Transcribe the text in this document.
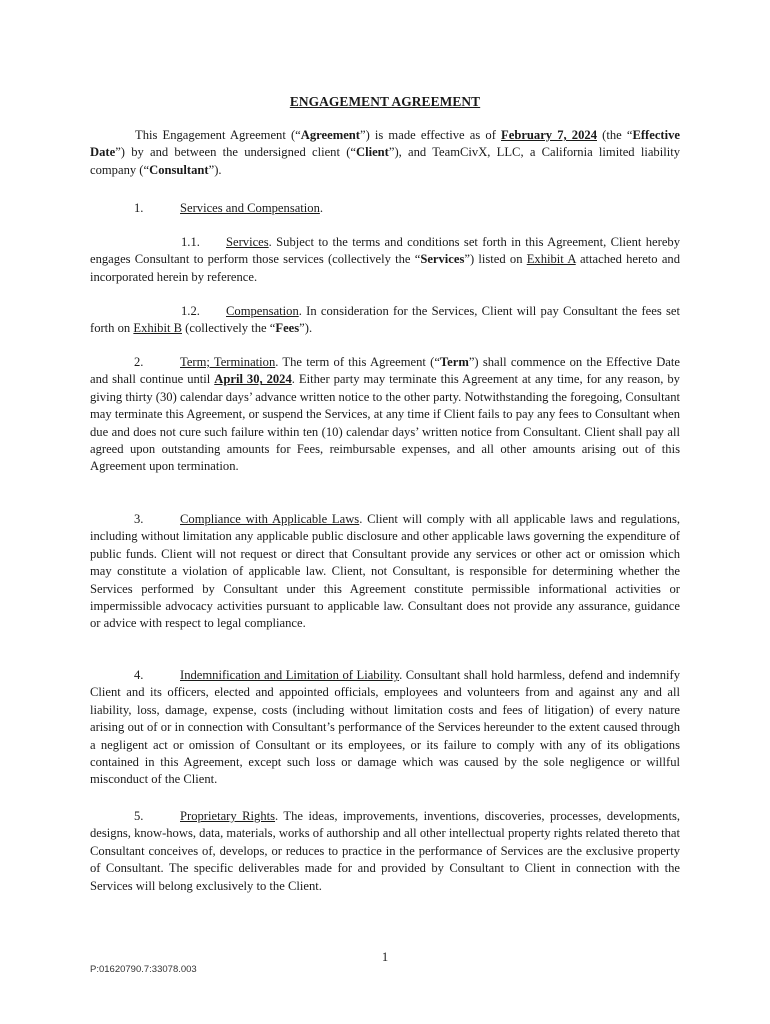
ENGAGEMENT AGREEMENT

This Engagement Agreement (“Agreement”) is made effective as of February 7, 2024 (the “Effective Date”) by and between the undersigned client (“Client”), and TeamCivX, LLC, a California limited liability company (“Consultant”).

1.	Services and Compensation.

1.1. Services. Subject to the terms and conditions set forth in this Agreement, Client hereby engages Consultant to perform those services (collectively the “Services”) listed on Exhibit A attached hereto and incorporated herein by reference.

1.2. Compensation. In consideration for the Services, Client will pay Consultant the fees set forth on Exhibit B (collectively the “Fees”).

2.	Term; Termination. The term of this Agreement (“Term”) shall commence on the Effective Date and shall continue until April 30, 2024. Either party may terminate this Agreement at any time, for any reason, by giving thirty (30) calendar days’ advance written notice to the other party. Notwithstanding the foregoing, Consultant may terminate this Agreement, or suspend the Services, at any time if Client fails to pay any fees to Consultant when due and does not cure such failure within ten (10) calendar days’ written notice from Consultant. Client shall pay all agreed upon outstanding amounts for Fees, reimbursable expenses, and all other amounts arising out of this Agreement upon termination.

3.	Compliance with Applicable Laws. Client will comply with all applicable laws and regulations, including without limitation any applicable public disclosure and other applicable laws governing the expenditure of public funds. Client will not request or direct that Consultant provide any services or other act or omission which may constitute a violation of applicable law. Client, not Consultant, is responsible for determining whether the Services performed by Consultant under this Agreement constitute permissible informational activities or impermissible advocacy activities pursuant to applicable law. Consultant does not provide any assurance, guidance or advice with respect to legal compliance.

4.	Indemnification and Limitation of Liability. Consultant shall hold harmless, defend and indemnify Client and its officers, elected and appointed officials, employees and volunteers from and against any and all liability, loss, damage, expense, costs (including without limitation costs and fees of litigation) of every nature arising out of or in connection with Consultant’s performance of the Services hereunder to the extent caused through a negligent act or omission of Consultant or its employees, or its failure to comply with any of its obligations contained in this Agreement, except such loss or damage which was caused by the sole negligence or willful misconduct of the Client.

5.	Proprietary Rights. The ideas, improvements, inventions, discoveries, processes, developments, designs, know-hows, data, materials, works of authorship and all other intellectual property rights related thereto that Consultant conceives of, develops, or reduces to practice in the performance of Services are the exclusive property of Consultant. The specific deliverables made for and provided by Consultant to Client in connection with the Services will belong exclusively to the Client.

1
P:01620790.7:33078.003
